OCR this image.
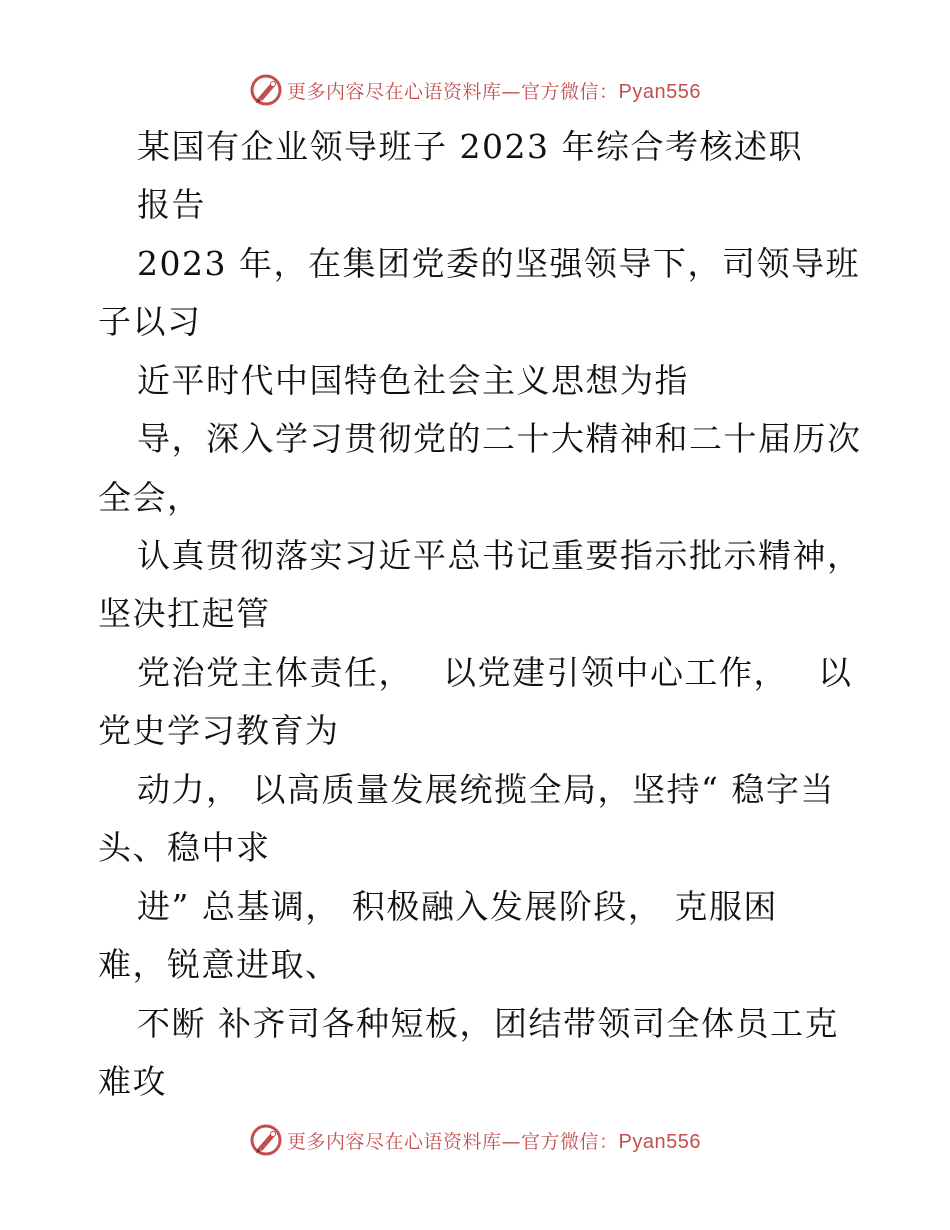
更多内容尽在心语资料库—官方微信：Pyan556
某国有企业领导班子 2023 年综合考核述职
报告
2023 年，在集团党委的坚强领导下，司领导班
子以习
近平时代中国特色社会主义思想为指
导，深入学习贯彻党的二十大精神和二十届历次
全会，
认真贯彻落实习近平总书记重要指示批示精神，
坚决扛起管
党治党主体责任，　 以党建引领中心工作，　 以
党史学习教育为
动力， 以高质量发展统揽全局，坚持“ 稳字当
头、稳中求
进” 总基调， 积极融入发展阶段， 克服困
难，锐意进取、
不断 补齐司各种短板，团结带领司全体员工克
难攻
更多内容尽在心语资料库—官方微信：Pyan556
